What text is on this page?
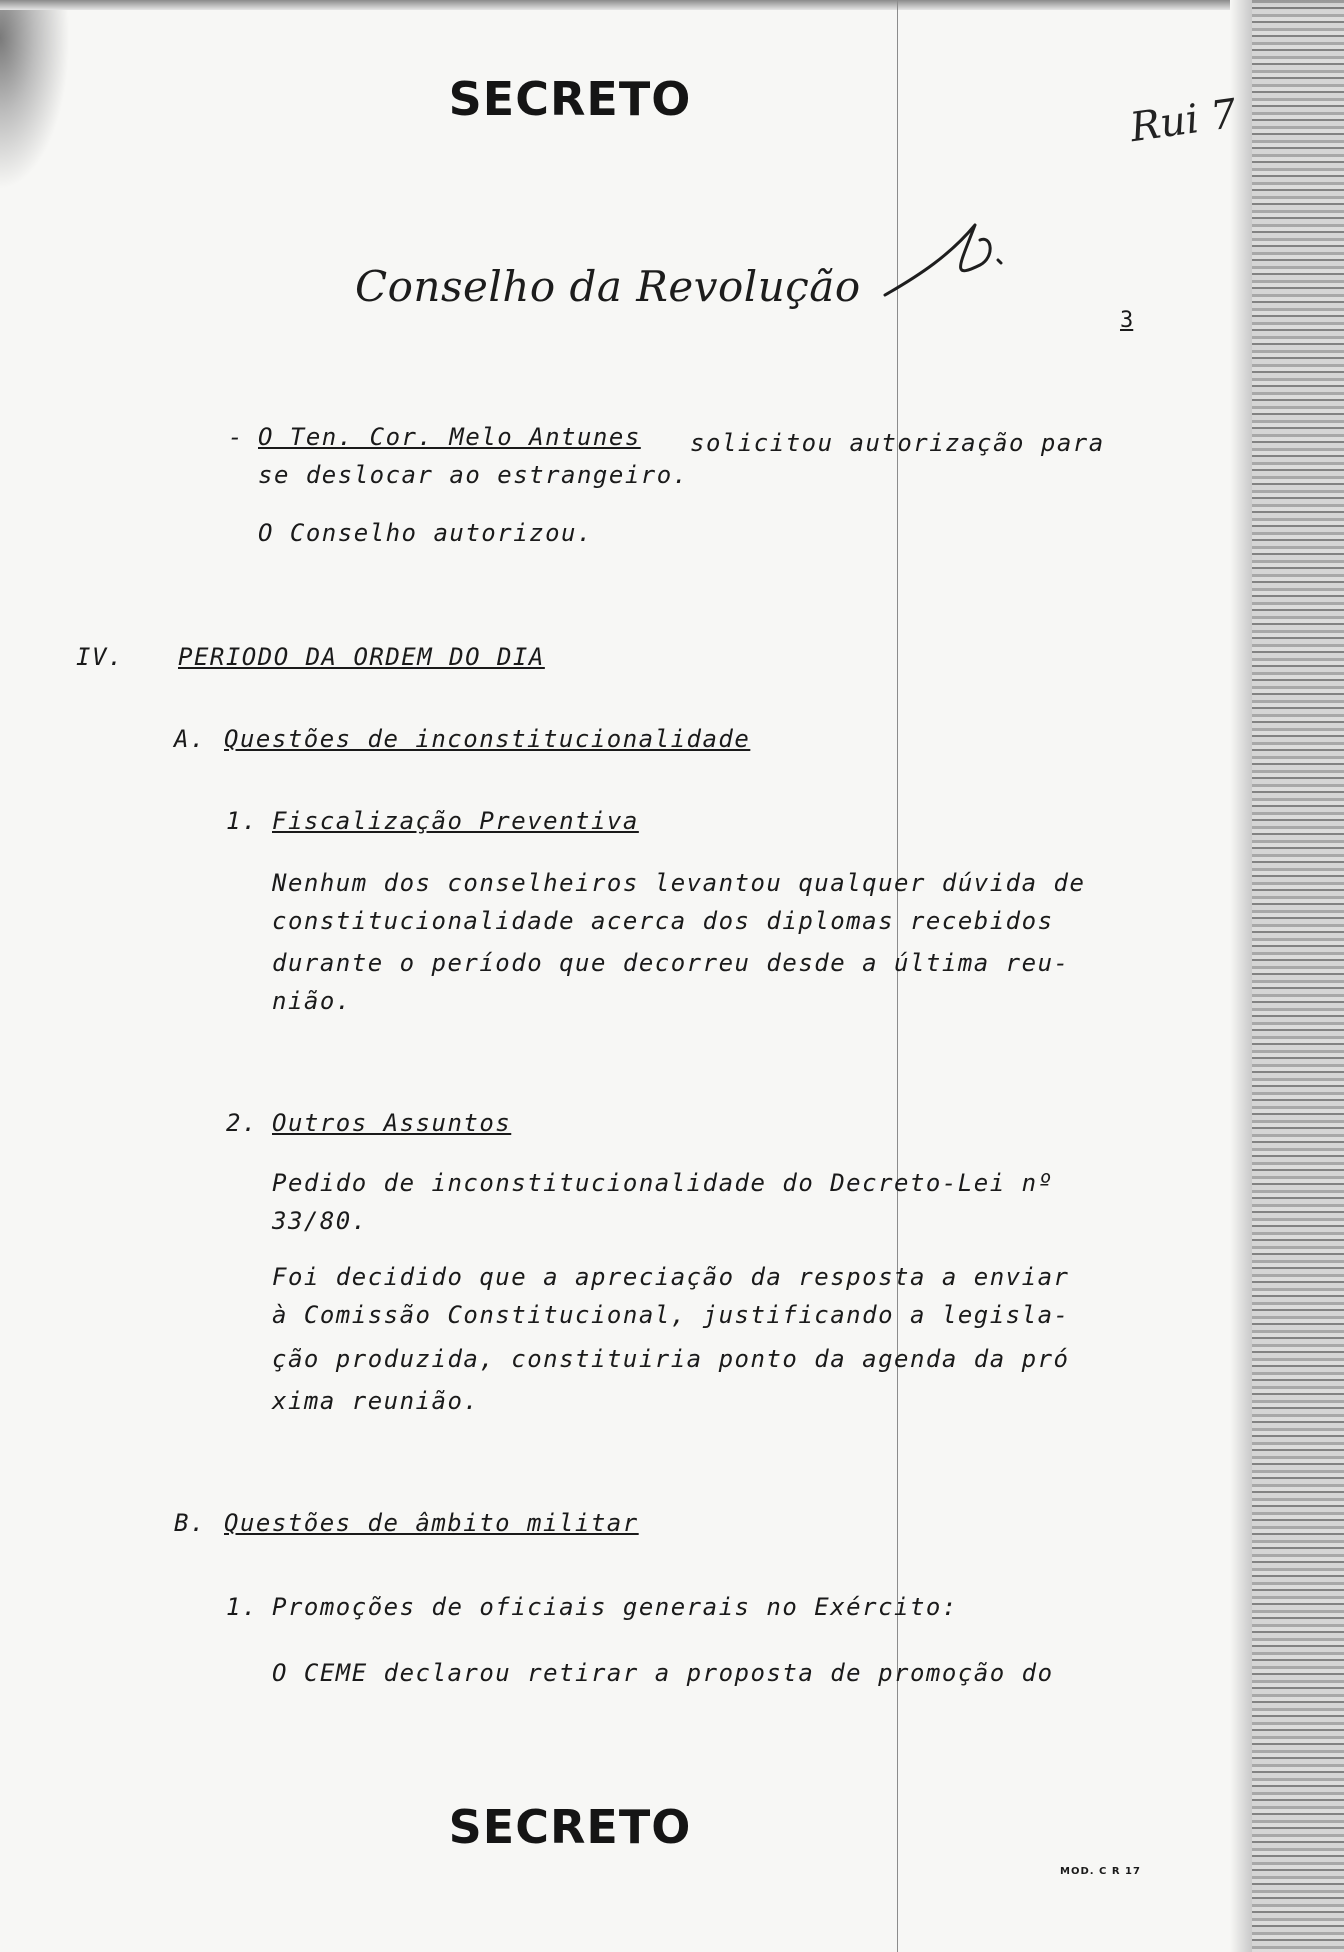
SECRETO	Rui 7
Conselho da Revolução
3
- O Ten. Cor. Melo Antunes solicitou autorização para
se deslocar ao estrangeiro.
O Conselho autorizou.
IV. PERIODO DA ORDEM DO DIA
A. Questões de inconstitucionalidade
1. Fiscalização Preventiva
Nenhum dos conselheiros levantou qualquer dúvida de
constitucionalidade acerca dos diplomas recebidos
durante o período que decorreu desde a última reu-
nião.
2. Outros Assuntos
Pedido de inconstitucionalidade do Decreto-Lei nº
33/80.
Foi decidido que a apreciação da resposta a enviar
à Comissão Constitucional, justificando a legisla-
ção produzida, constituiria ponto da agenda da pró
xima reunião.
B. Questões de âmbito militar
1. Promoções de oficiais generais no Exército:
O CEME declarou retirar a proposta de promoção do
SECRETO
MOD. C R 17
